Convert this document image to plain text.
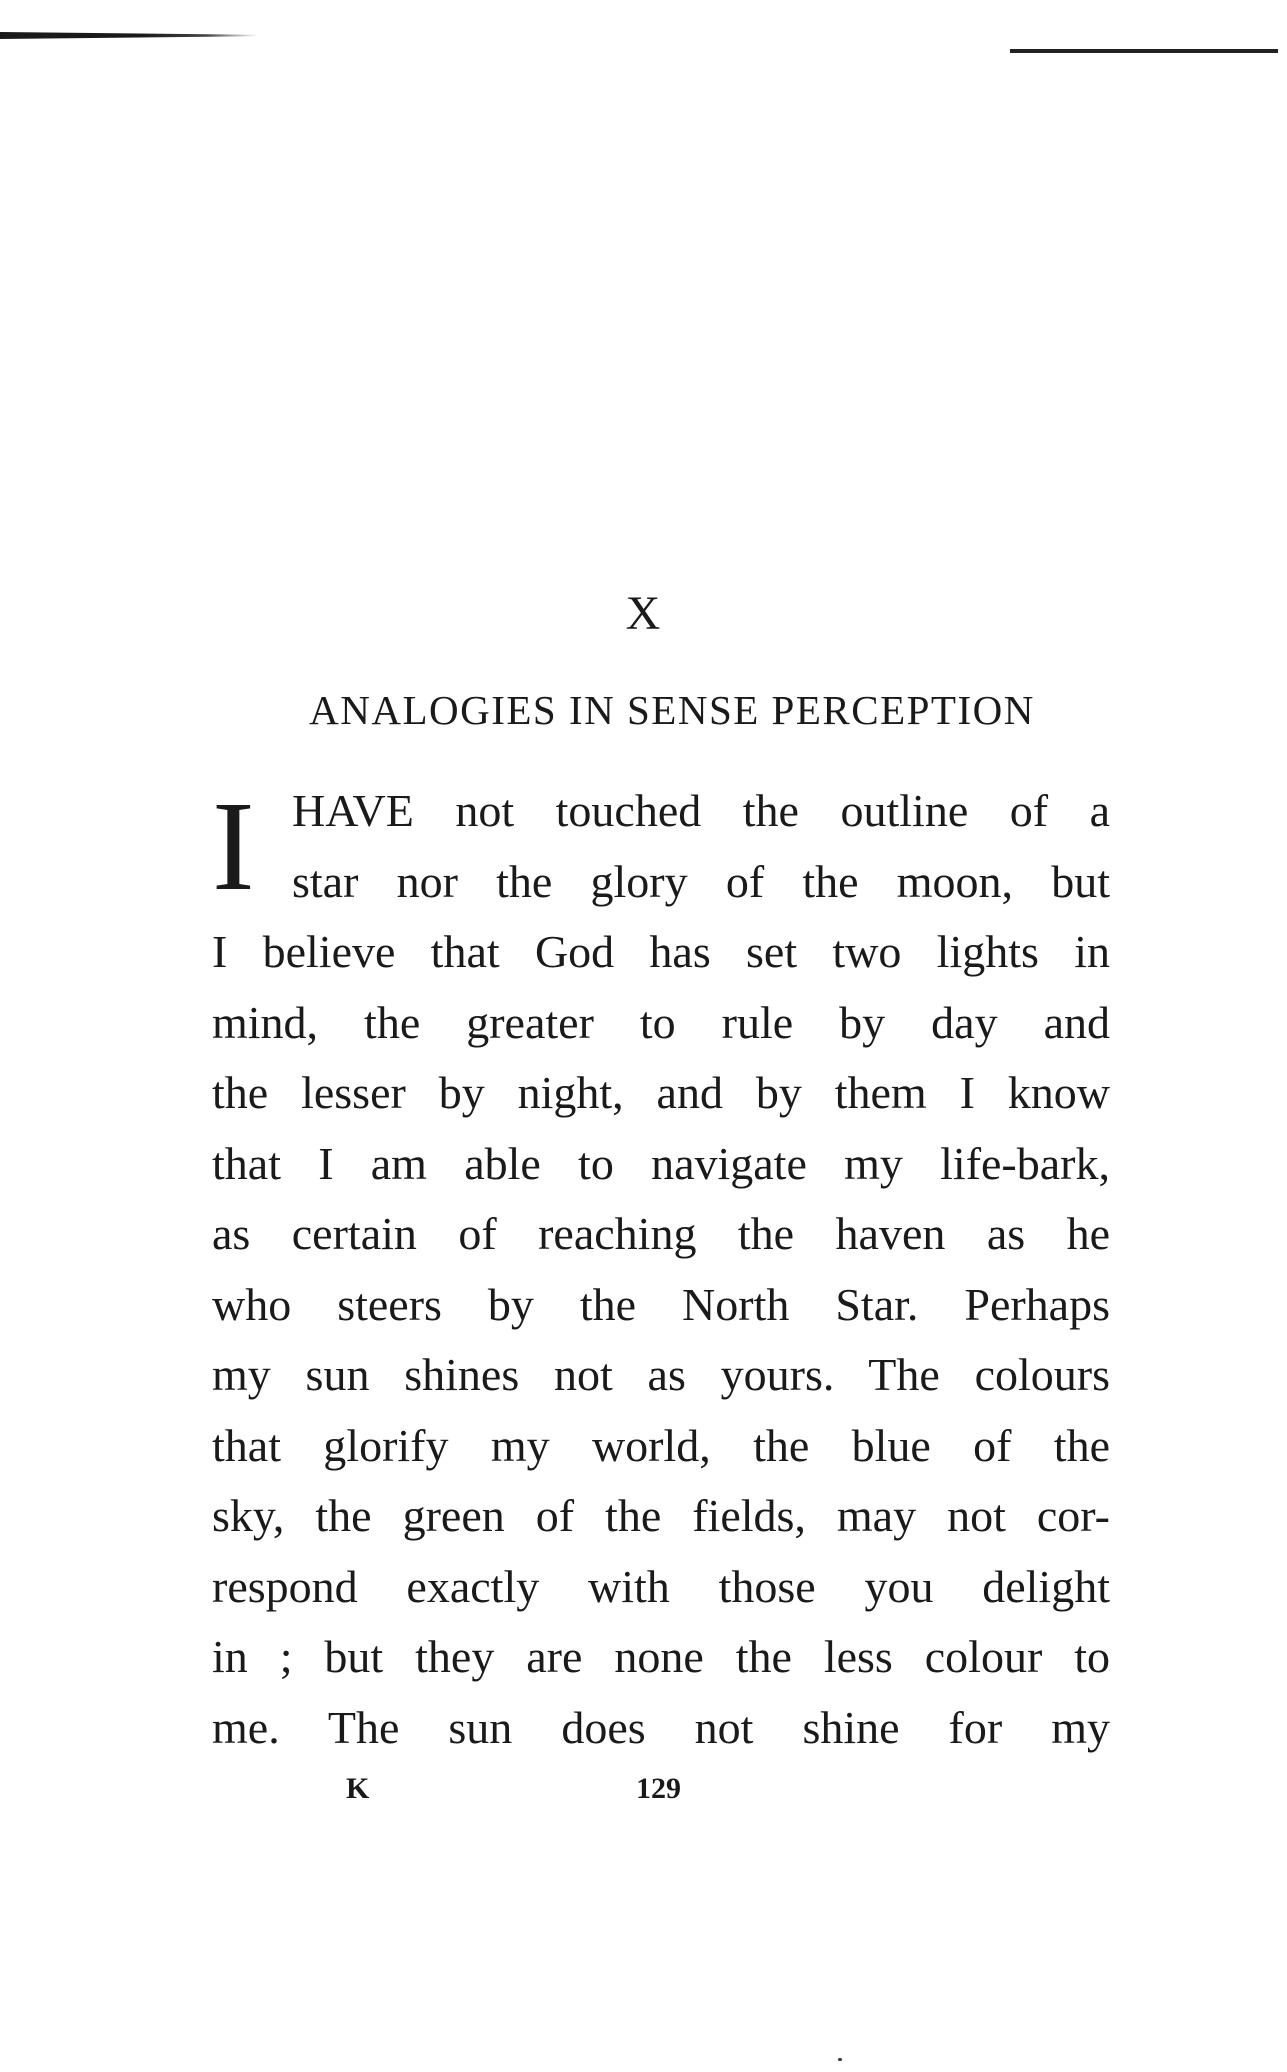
X
ANALOGIES IN SENSE PERCEPTION
I HAVE not touched the outline of a
star nor the glory of the moon, but
I believe that God has set two lights in
mind, the greater to rule by day and
the lesser by night, and by them I know
that I am able to navigate my life-bark,
as certain of reaching the haven as he
who steers by the North Star. Perhaps
my sun shines not as yours. The colours
that glorify my world, the blue of the
sky, the green of the fields, may not cor-
respond exactly with those you delight
in ; but they are none the less colour to
me. The sun does not shine for my
K	129
